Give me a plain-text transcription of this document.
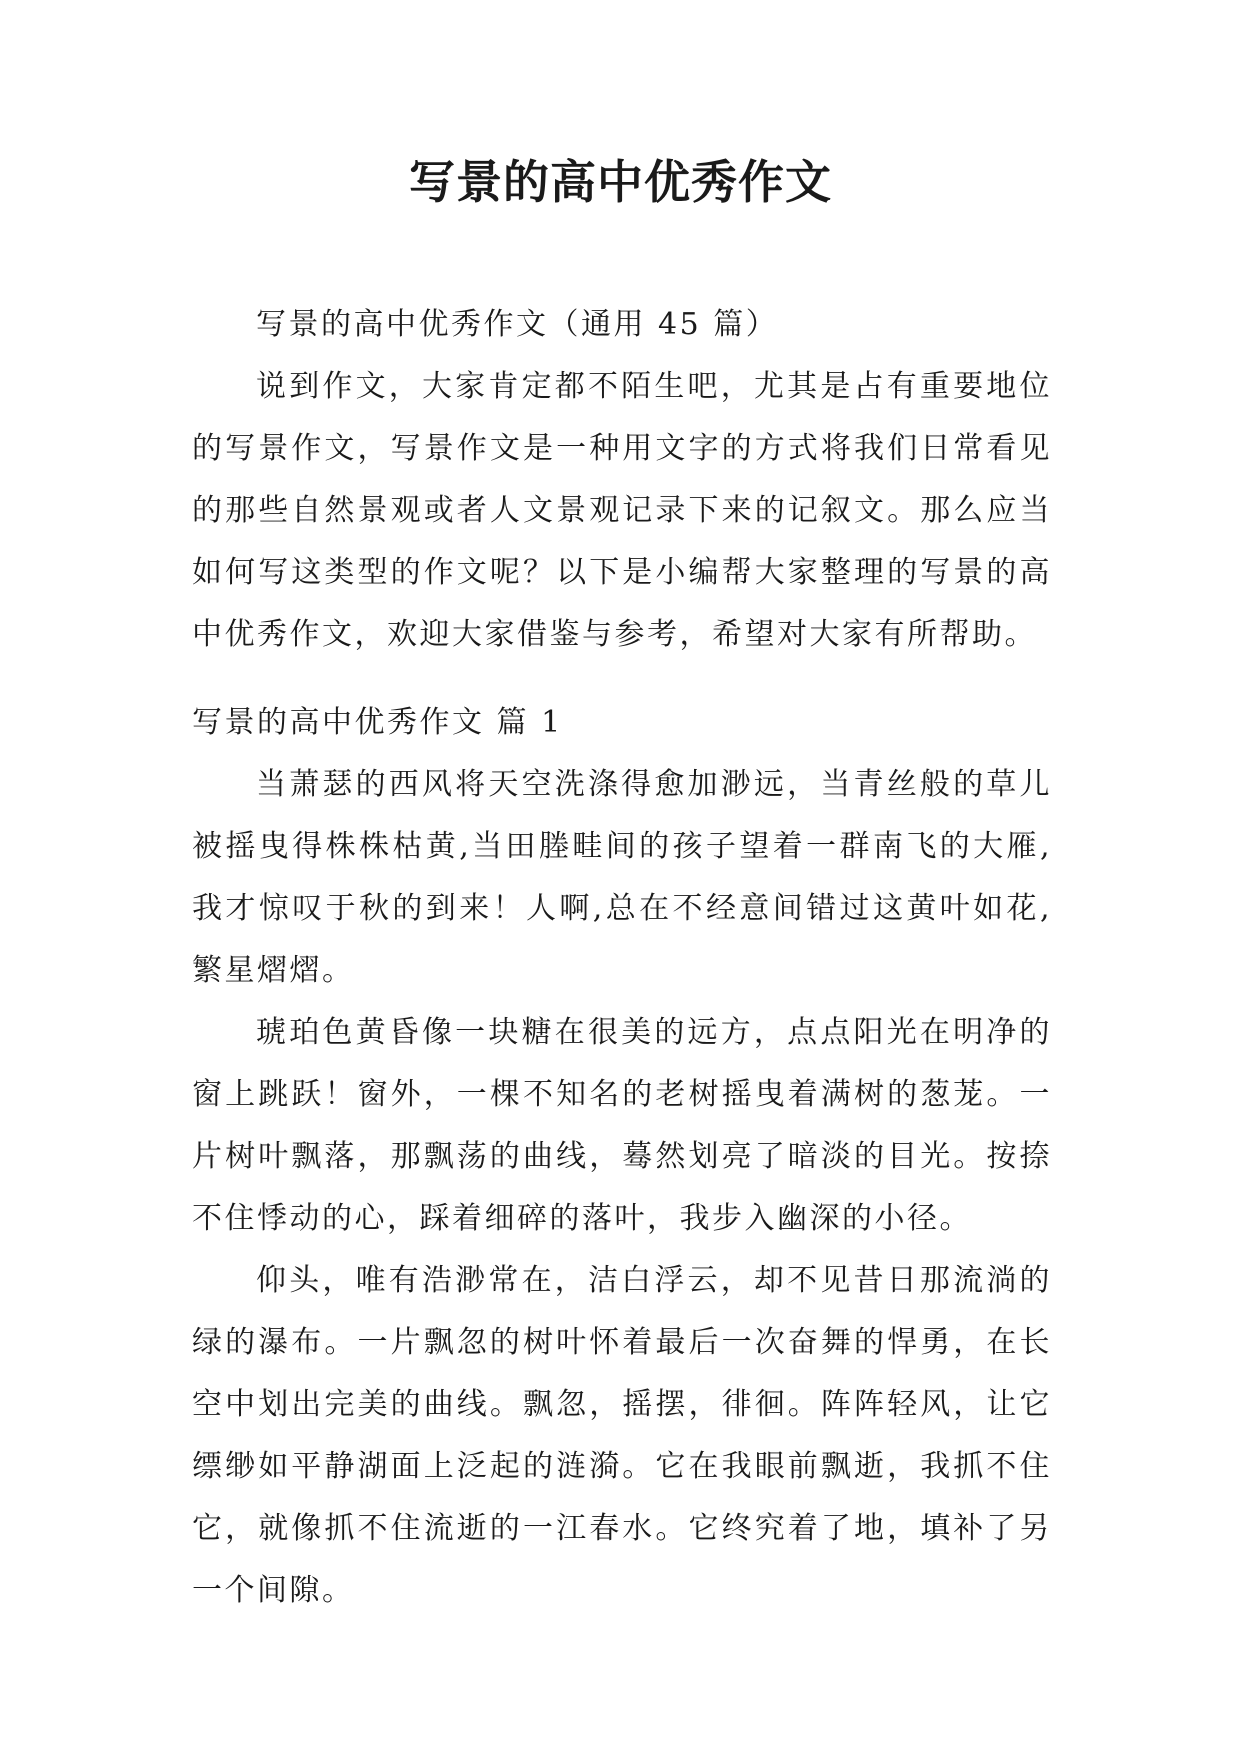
写景的高中优秀作文

写景的高中优秀作文（通用 45 篇）

说到作文，大家肯定都不陌生吧，尤其是占有重要地位的写景作文，写景作文是一种用文字的方式将我们日常看见的那些自然景观或者人文景观记录下来的记叙文。那么应当如何写这类型的作文呢？以下是小编帮大家整理的写景的高中优秀作文，欢迎大家借鉴与参考，希望对大家有所帮助。

写景的高中优秀作文 篇 1

当萧瑟的西风将天空洗涤得愈加渺远，当青丝般的草儿被摇曳得株株枯黄,当田塍畦间的孩子望着一群南飞的大雁,我才惊叹于秋的到来！人啊,总在不经意间错过这黄叶如花,繁星熠熠。

琥珀色黄昏像一块糖在很美的远方，点点阳光在明净的窗上跳跃！窗外，一棵不知名的老树摇曳着满树的葱茏。一片树叶飘落，那飘荡的曲线，蓦然划亮了暗淡的目光。按捺不住悸动的心，踩着细碎的落叶，我步入幽深的小径。

仰头，唯有浩渺常在，洁白浮云，却不见昔日那流淌的绿的瀑布。一片飘忽的树叶怀着最后一次奋舞的悍勇，在长空中划出完美的曲线。飘忽，摇摆，徘徊。阵阵轻风，让它缥缈如平静湖面上泛起的涟漪。它在我眼前飘逝，我抓不住它，就像抓不住流逝的一江春水。它终究着了地，填补了另一个间隙。
